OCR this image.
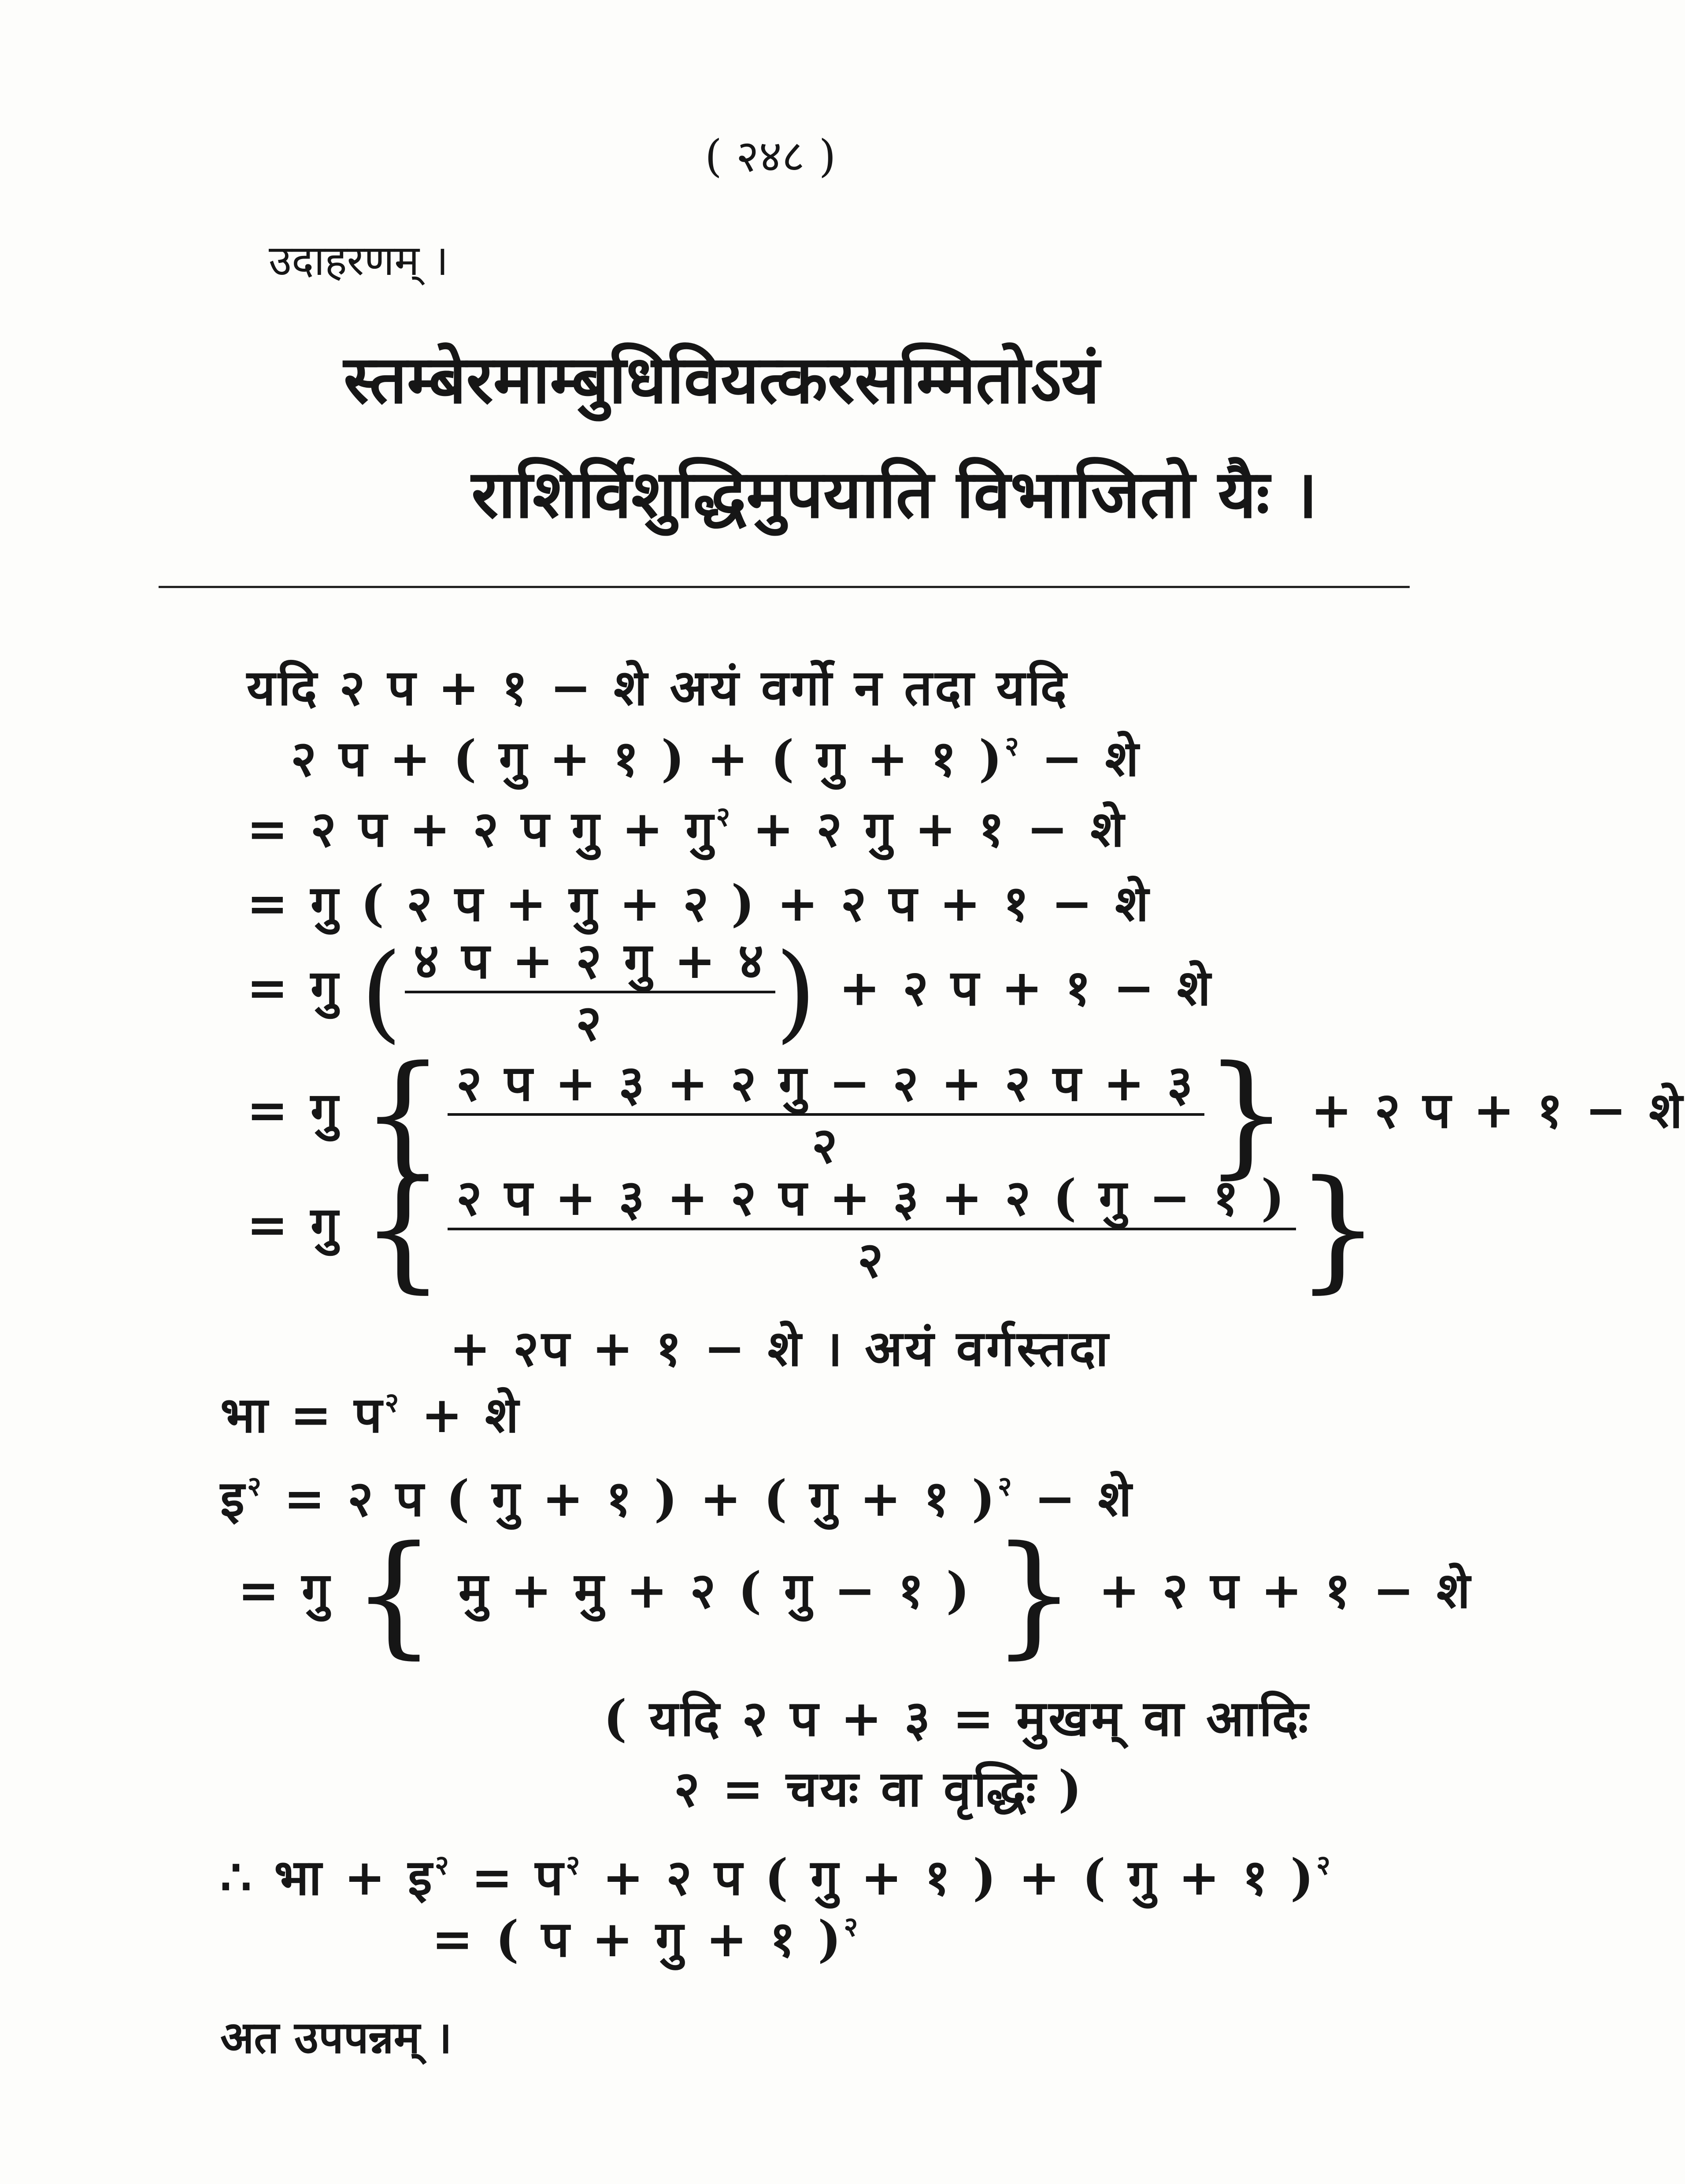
( २४८ )
उदाहरणम् ।
स्तम्बेरमाम्बुधिवियत्करसम्मितोऽयं
राशिर्विशुद्धिमुपयाति विभाजितो यैः ।
यदि २ प + १ − शे अयं वर्गो न तदा यदि
२ प + ( गु + १ ) + ( गु + १ )$^२$ − शे
= २ प + २ प गु + गु$^२$ + २ गु + १ − शे
= गु ( २ प + गु + २ ) + २ प + १ − शे
= गु ( $\frac{\text{४ प + २ गु + ४}}{२}$ ) + २ प + १ − शे
= गु { $\frac{\text{२ प + ३ + २ गु − २ + २ प + ३}}{२}$ } + २ प + १ − शे
= गु { $\frac{\text{२ प + ३ + २ प + ३ + २ ( गु − १ )}}{२}$ }
+ २प + १ − शे । अयं वर्गस्तदा
भा = प$^२$ + शे
इ$^२$ = २ प ( गु + १ ) + ( गु + १ )$^२$ − शे
= गु { मु + मु + २ ( गु − १ ) } + २ प + १ − शे
( यदि २ प + ३ = मुखम् वा आदिः
२ = चयः वा वृद्धिः )
∴ भा + इ$^२$ = प$^२$ + २ प ( गु + १ ) + ( गु + १ )$^२$
= ( प + गु + १ )$^२$
अत उपपन्नम् ।
